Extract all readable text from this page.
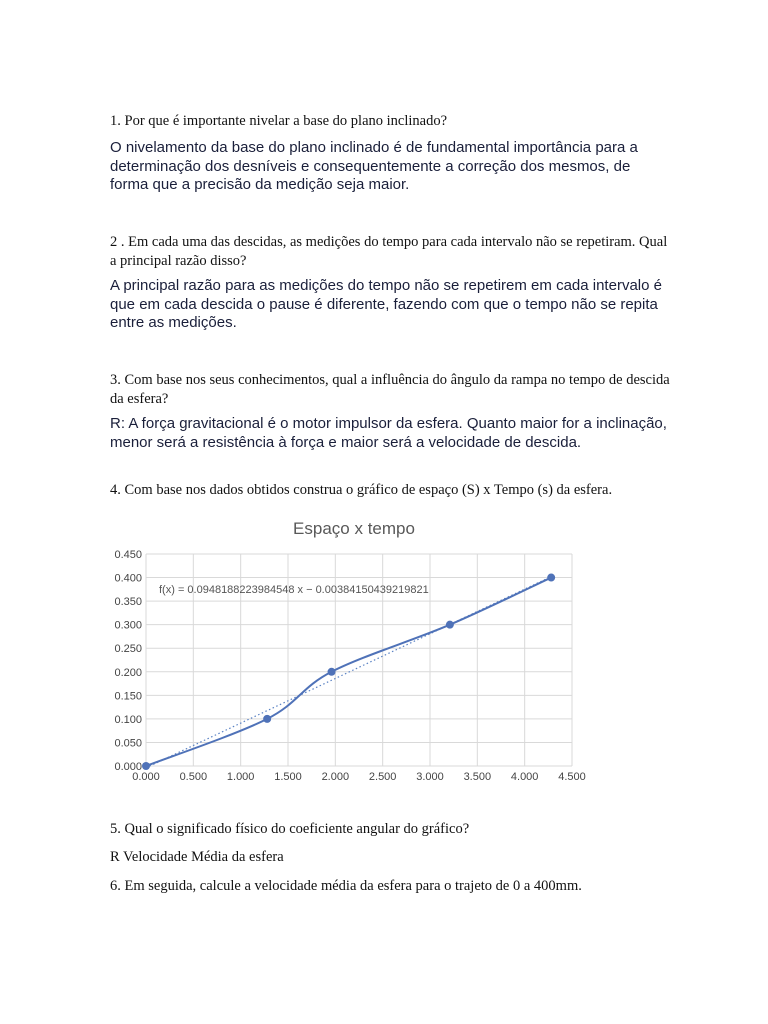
1. Por que é importante nivelar a base do plano inclinado?
O nivelamento da base do plano inclinado é de fundamental importância para a determinação dos desníveis e consequentemente a correção dos mesmos, de forma que a precisão da medição seja maior.
2 . Em cada uma das descidas, as medições do tempo para cada intervalo não se repetiram. Qual a principal razão disso?
A principal razão para as medições do tempo não se repetirem em cada intervalo é que em cada descida o pause é diferente, fazendo com que o tempo não se repita entre as medições.
3. Com base nos seus conhecimentos, qual a influência do ângulo da rampa no tempo de descida da esfera?
R: A força gravitacional é o motor impulsor da esfera. Quanto maior for a inclinação, menor será a resistência à força e maior será a velocidade de descida.
4. Com base nos dados obtidos construa o gráfico de espaço (S) x Tempo (s) da esfera.
Espaço x tempo
0.000
0.050
0.100
0.150
0.200
0.250
0.300
0.350
0.400
0.450
0.000 0.500 1.000 1.500 2.000 2.500 3.000 3.500 4.000 4.500
f(x) = 0.0948188223984548 x − 0.00384150439219821
5. Qual o significado físico do coeficiente angular do gráfico?
R Velocidade Média da esfera
6. Em seguida, calcule a velocidade média da esfera para o trajeto de 0 a 400mm.
